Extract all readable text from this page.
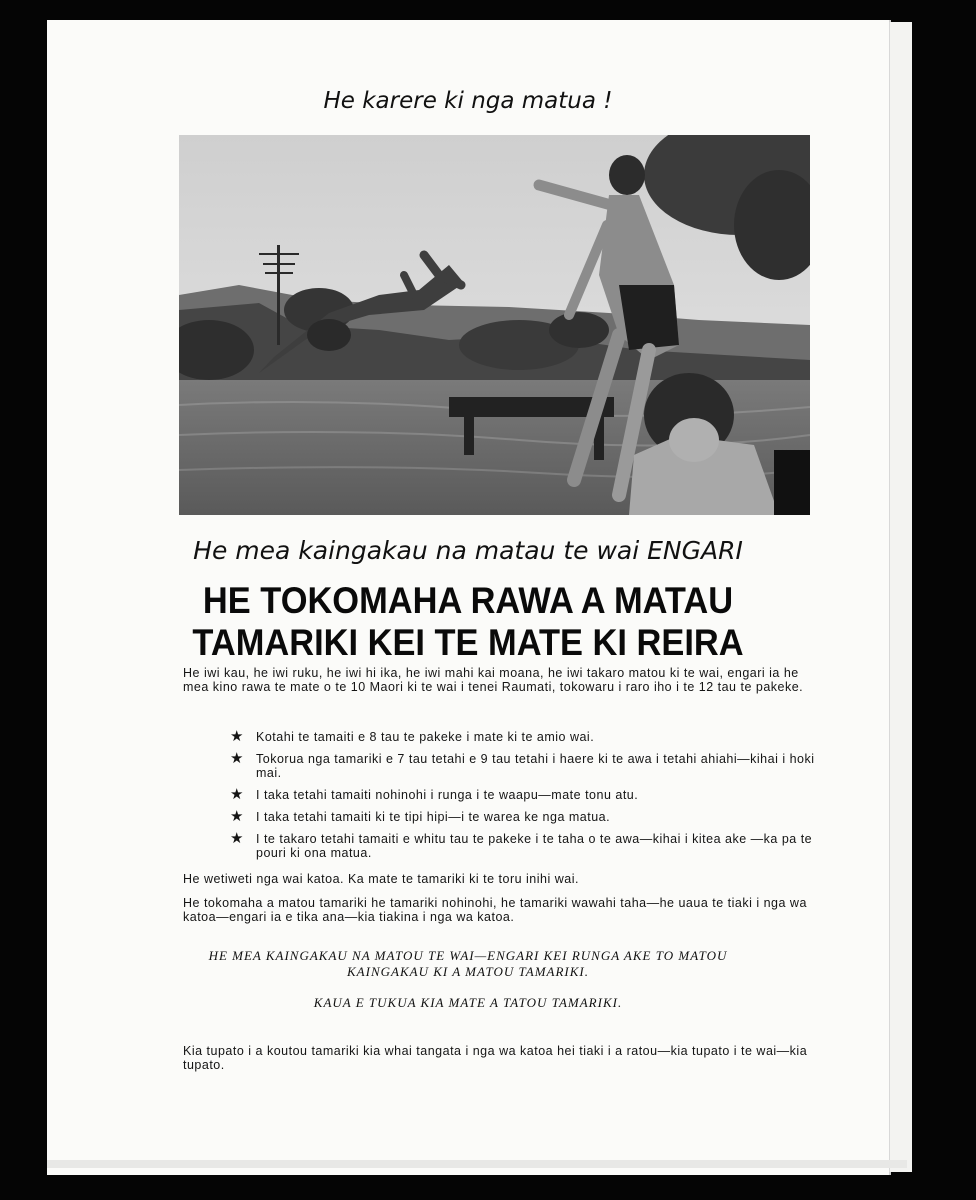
He karere ki nga matua !
He mea kaingakau na matau te wai ENGARI
HE TOKOMAHA RAWA A MATAU
TAMARIKI KEI TE MATE KI REIRA
He iwi kau, he iwi ruku, he iwi hi ika, he iwi mahi kai moana, he iwi takaro matou ki te wai, engari ia he mea kino rawa te mate o te 10 Maori ki te wai i tenei Raumati, tokowaru i raro iho i te 12 tau te pakeke.
★ Kotahi te tamaiti e 8 tau te pakeke i mate ki te amio wai.
★ Tokorua nga tamariki e 7 tau tetahi e 9 tau tetahi i haere ki te awa i tetahi ahiahi—kihai i hoki mai.
★ I taka tetahi tamaiti nohinohi i runga i te waapu—mate tonu atu.
★ I taka tetahi tamaiti ki te tipi hipi—i te warea ke nga matua.
★ I te takaro tetahi tamaiti e whitu tau te pakeke i te taha o te awa—kihai i kitea ake —ka pa te pouri ki ona matua.
He wetiweti nga wai katoa. Ka mate te tamariki ki te toru inihi wai.
He tokomaha a matou tamariki he tamariki nohinohi, he tamariki wawahi taha—he uaua te tiaki i nga wa katoa—engari ia e tika ana—kia tiakina i nga wa katoa.
HE MEA KAINGAKAU NA MATOU TE WAI—ENGARI KEI RUNGA AKE TO MATOU
KAINGAKAU KI A MATOU TAMARIKI.
KAUA E TUKUA KIA MATE A TATOU TAMARIKI.
Kia tupato i a koutou tamariki kia whai tangata i nga wa katoa hei tiaki i a ratou—kia tupato i te wai—kia tupato.
